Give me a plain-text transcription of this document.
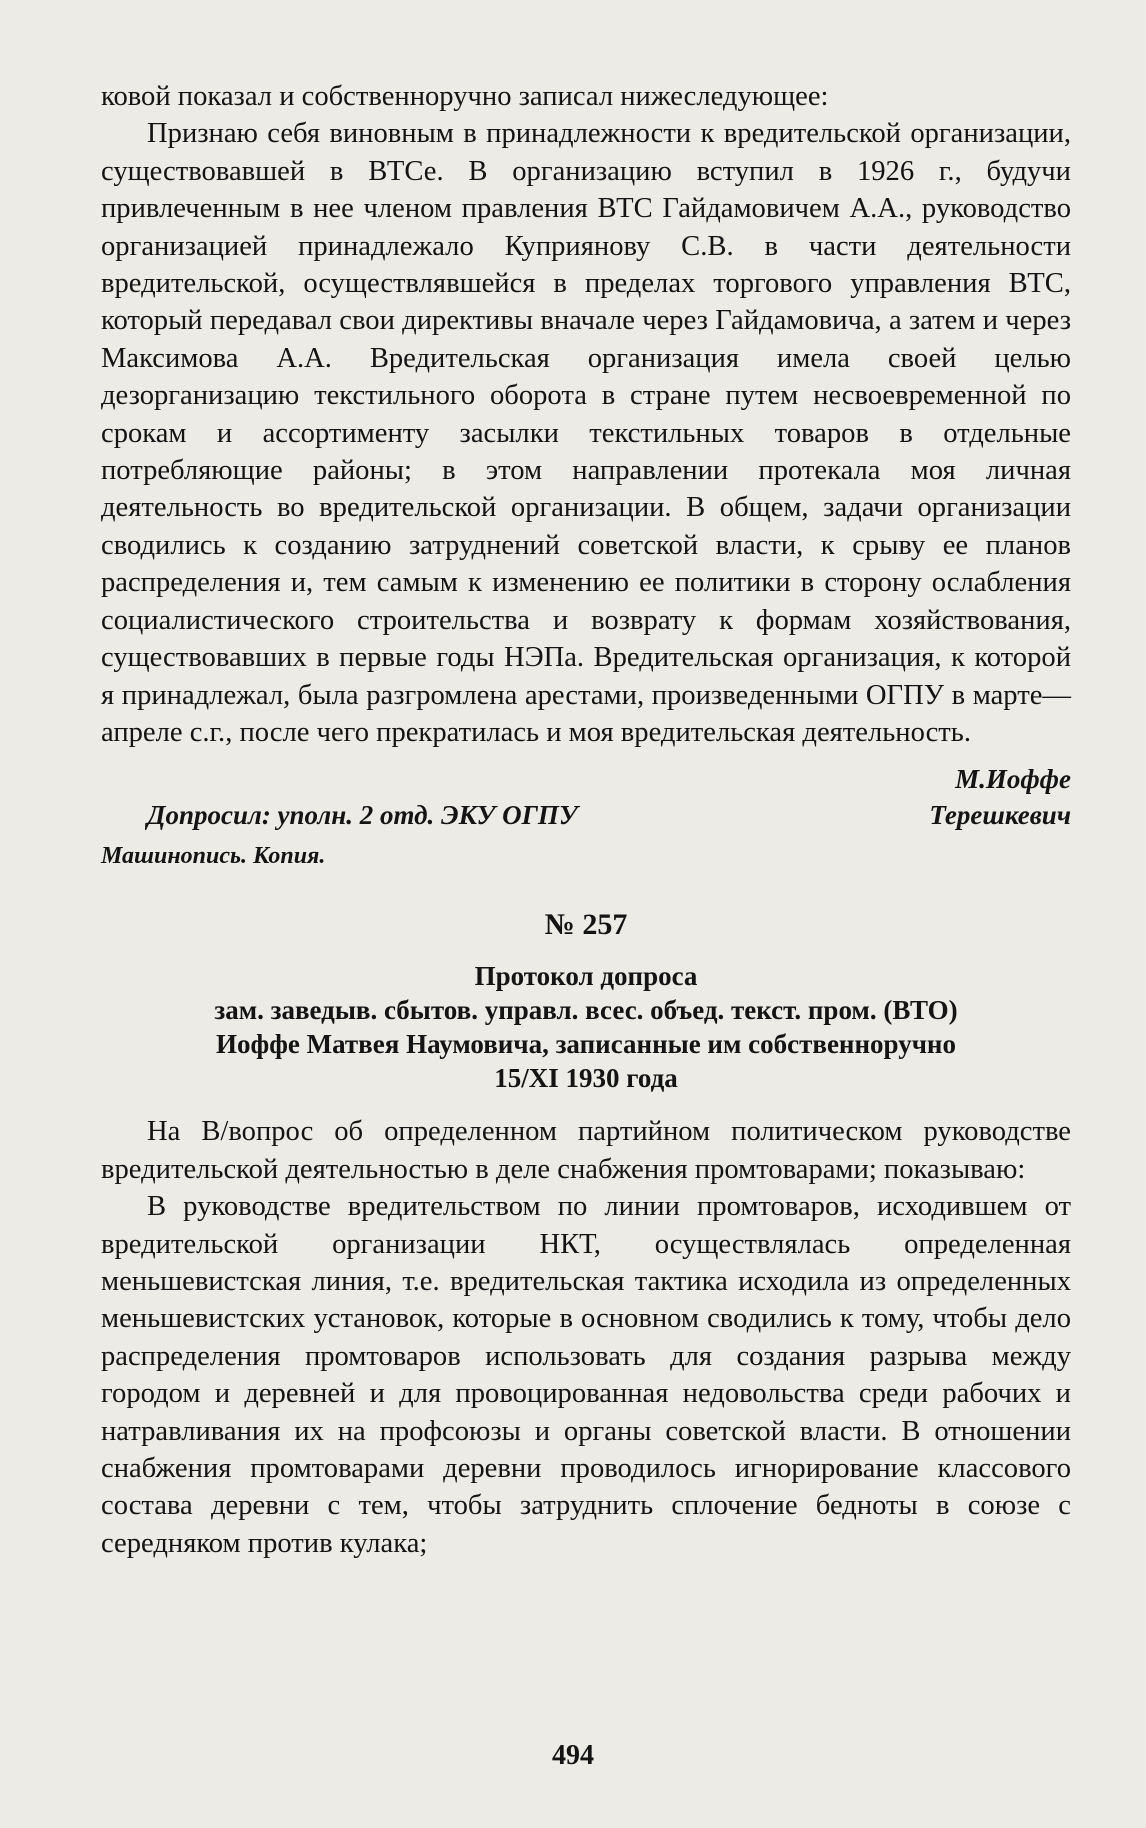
ковой показал и собственноручно записал нижеследующее:

Признаю себя виновным в принадлежности к вредительской организации, существовавшей в ВТСе. В организацию вступил в 1926 г., будучи привлеченным в нее членом правления ВТС Гайдамовичем А.А., руководство организацией принадлежало Куприянову С.В. в части деятельности вредительской, осуществлявшейся в пределах торгового управления ВТС, который передавал свои директивы вначале через Гайдамовича, а затем и через Максимова А.А. Вредительская организация имела своей целью дезорганизацию текстильного оборота в стране путем несвоевременной по срокам и ассортименту засылки текстильных товаров в отдельные потребляющие районы; в этом направлении протекала моя личная деятельность во вредительской организации. В общем, задачи организации сводились к созданию затруднений советской власти, к срыву ее планов распределения и, тем самым к изменению ее политики в сторону ослабления социалистического строительства и возврату к формам хозяйствования, существовавших в первые годы НЭПа. Вредительская организация, к которой я принадлежал, была разгромлена арестами, произведенными ОГПУ в марте—апреле с.г., после чего прекратилась и моя вредительская деятельность.

М.Иоффе
Допросил: уполн. 2 отд. ЭКУ ОГПУ	Терешкевич
Машинопись. Копия.
№ 257
Протокол допроса
зам. заведыв. сбытов. управл. всес. объед. текст. пром. (ВТО)
Иоффе Матвея Наумовича, записанные им собственноручно
15/XI 1930 года

На В/вопрос об определенном партийном политическом руководстве вредительской деятельностью в деле снабжения промтоварами; показываю:

В руководстве вредительством по линии промтоваров, исходившем от вредительской организации НКТ, осуществлялась определенная меньшевистская линия, т.е. вредительская тактика исходила из определенных меньшевистских установок, которые в основном сводились к тому, чтобы дело распределения промтоваров использовать для создания разрыва между городом и деревней и для провоцированная недовольства среди рабочих и натравливания их на профсоюзы и органы советской власти. В отношении снабжения промтоварами деревни проводилось игнорирование классового состава деревни с тем, чтобы затруднить сплочение бедноты в союзе с середняком против кулака;

494
